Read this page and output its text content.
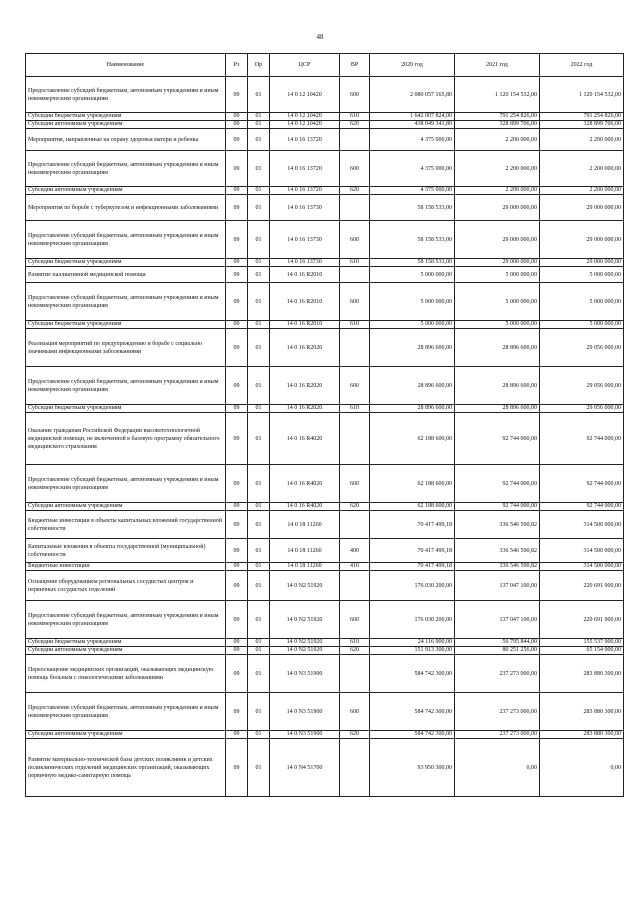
48
Наименование	Рз	Пр	ЦСР	ВР	2020 год	2021 год	2022 год
Предоставление субсидий бюджетным, автономным учреждениям и иным некоммерческим организациям	09	01	14 0 12 10420	600	2 080 057 165,80	1 120 154 532,00	1 120 154 532,00
Субсидии бюджетным учреждениям	09	01	14 0 12 10420	610	1 642 007 824,00	791 254 826,00	791 254 826,00
Субсидии автономным учреждениям	09	01	14 0 12 10420	620	438 049 341,80	328 899 706,00	328 899 706,00
Мероприятия, направленные на охрану здоровья матери и ребенка	09	01	14 0 16 13720		4 375 000,00	2 200 000,00	2 200 000,00
Предоставление субсидий бюджетным, автономным учреждениям и иным некоммерческим организациям	09	01	14 0 16 13720	600	4 375 000,00	2 200 000,00	2 200 000,00
Субсидии автономным учреждениям	09	01	14 0 16 13720	620	4 375 000,00	2 200 000,00	2 200 000,00
Мероприятия по борьбе с туберкулезом и инфекционными заболеваниями	09	01	14 0 16 13730		58 158 533,00	29 000 000,00	29 000 000,00
Предоставление субсидий бюджетным, автономным учреждениям и иным некоммерческим организациям	09	01	14 0 16 13730	600	58 158 533,00	29 000 000,00	29 000 000,00
Субсидии бюджетным учреждениям	09	01	14 0 16 13730	610	58 158 533,00	29 000 000,00	29 000 000,00
Развитие паллиативной медицинской помощи	09	01	14 0 16 R2010		5 000 000,00	5 000 000,00	5 000 000,00
Предоставление субсидий бюджетным, автономным учреждениям и иным некоммерческим организациям	09	01	14 0 16 R2010	600	5 000 000,00	5 000 000,00	5 000 000,00
Субсидии бюджетным учреждениям	09	01	14 0 16 R2010	610	5 000 000,00	5 000 000,00	5 000 000,00
Реализация мероприятий по предупреждению и борьбе с социально значимыми инфекционными заболеваниями	09	01	14 0 16 R2020		28 896 600,00	28 896 600,00	29 056 000,00
Предоставление субсидий бюджетным, автономным учреждениям и иным некоммерческим организациям	09	01	14 0 16 R2020	600	28 896 600,00	28 896 600,00	29 056 000,00
Субсидии бюджетным учреждениям	09	01	14 0 16 R2020	610	28 896 600,00	28 896 600,00	29 056 000,00
Оказание гражданам Российской Федерации высокотехнологичной медицинской помощи, не включенной в базовую программу обязательного медицинского страхования	09	01	14 0 16 R4020		62 188 600,00	92 744 000,00	92 744 000,00
Предоставление субсидий бюджетным, автономным учреждениям и иным некоммерческим организациям	09	01	14 0 16 R4020	600	62 188 600,00	92 744 000,00	92 744 000,00
Субсидии автономным учреждениям	09	01	14 0 16 R4020	620	62 188 600,00	92 744 000,00	92 744 000,00
Бюджетные инвестиции в объекты капитальных вложений государственной собственности	09	01	14 0 18 11260		70 417 499,18	336 546 590,82	314 500 000,00
Капитальные вложения в объекты государственной (муниципальной) собственности	09	01	14 0 18 11260	400	70 417 499,18	336 546 590,82	314 500 000,00
Бюджетные инвестиции	09	01	14 0 18 11260	410	70 417 499,18	336 546 590,82	314 500 000,00
Оснащение оборудованием региональных сосудистых центров и первичных сосудистых отделений	09	01	14 0 N2 51920		176 030 200,00	137 047 100,00	220 691 900,00
Предоставление субсидий бюджетным, автономным учреждениям и иным некоммерческим организациям	09	01	14 0 N2 51920	600	176 030 200,00	137 047 100,00	220 691 900,00
Субсидии бюджетным учреждениям	09	01	14 0 N2 51920	610	24 116 900,00	56 795 844,00	155 537 900,00
Субсидии автономным учреждениям	09	01	14 0 N2 51920	620	151 913 300,00	80 251 256,00	65 154 000,00
Переоснащение медицинских организаций, оказывающих медицинскую помощь больным с онкологическими заболеваниями	09	01	14 0 N3 51900		584 742 300,00	237 273 000,00	283 880 300,00
Предоставление субсидий бюджетным, автономным учреждениям и иным некоммерческим организациям	09	01	14 0 N3 51900	600	584 742 300,00	237 273 000,00	283 880 300,00
Субсидии автономным учреждениям	09	01	14 0 N3 51900	620	584 742 300,00	237 273 000,00	283 880 300,00
Развитие материально-технической базы детских поликлиник и детских поликлинических отделений медицинских организаций, оказывающих первичную медико-санитарную помощь	09	01	14 0 N4 51700		93 950 300,00	0,00	0,00
